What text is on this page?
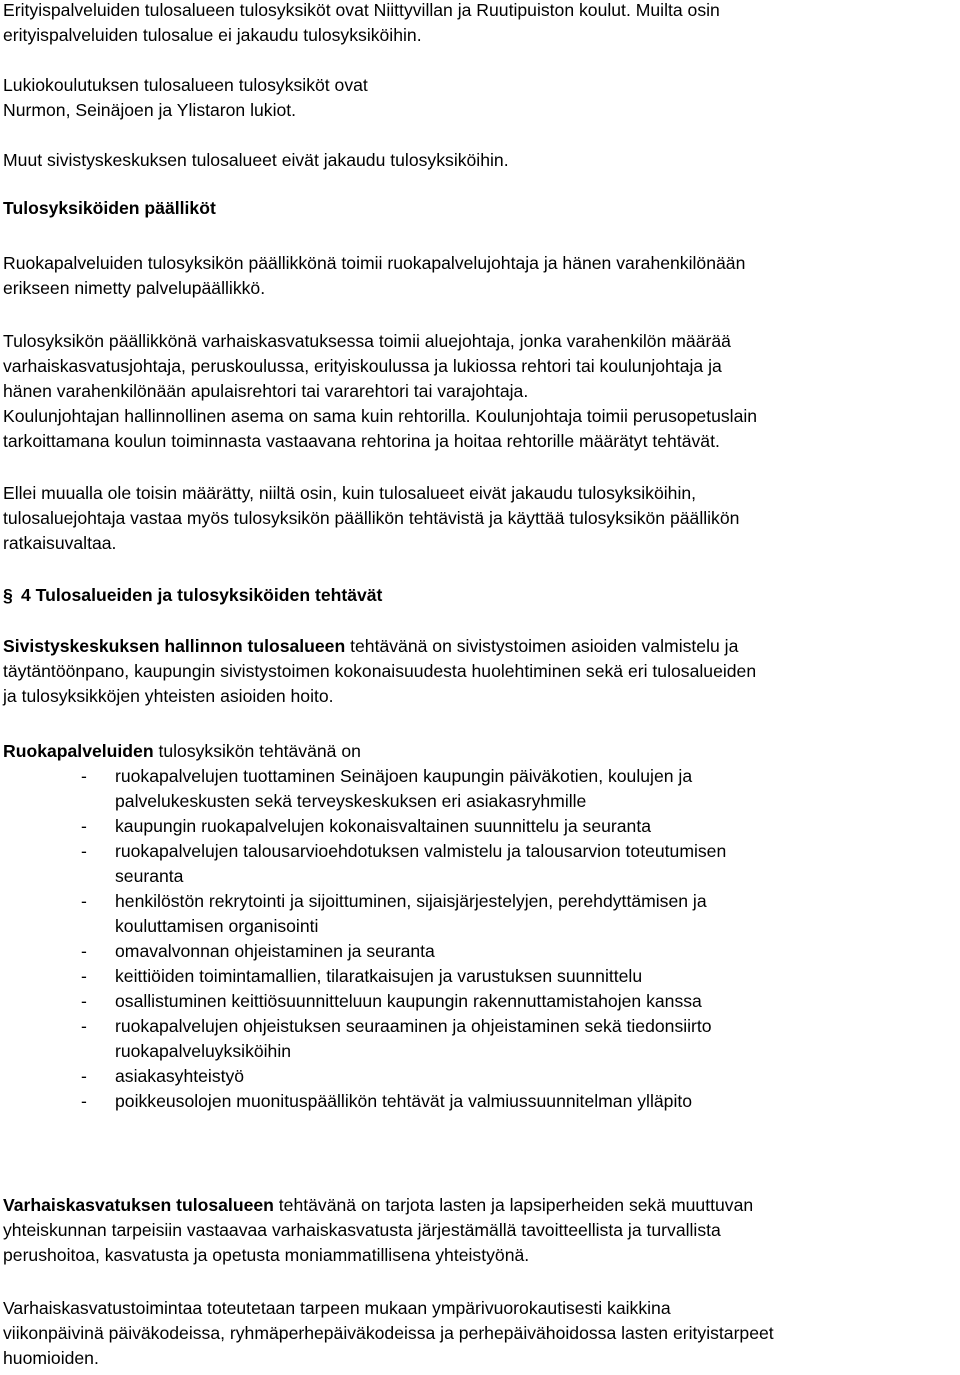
Erityispalveluiden tulosalueen tulosyksiköt ovat Niittyvillan ja Ruutipuiston koulut. Muilta osin
erityispalveluiden tulosalue ei jakaudu tulosyksiköihin.

Lukiokoulutuksen tulosalueen tulosyksiköt ovat
Nurmon, Seinäjoen ja Ylistaron lukiot.

Muut sivistyskeskuksen tulosalueet eivät jakaudu tulosyksiköihin.

Tulosyksiköiden päälliköt

Ruokapalveluiden tulosyksikön päällikkönä toimii ruokapalvelujohtaja ja hänen varahenkilönään
erikseen nimetty palvelupäällikkö.

Tulosyksikön päällikkönä varhaiskasvatuksessa toimii aluejohtaja, jonka varahenkilön määrää
varhaiskasvatusjohtaja, peruskoulussa, erityiskoulussa ja lukiossa rehtori tai koulunjohtaja ja
hänen varahenkilönään apulaisrehtori tai vararehtori tai varajohtaja.
Koulunjohtajan hallinnollinen asema on sama kuin rehtorilla. Koulunjohtaja toimii perusopetuslain
tarkoittamana koulun toiminnasta vastaavana rehtorina ja hoitaa rehtorille määrätyt tehtävät.

Ellei muualla ole toisin määrätty, niiltä osin, kuin tulosalueet eivät jakaudu tulosyksiköihin,
tulosaluejohtaja vastaa myös tulosyksikön päällikön tehtävistä ja käyttää tulosyksikön päällikön
ratkaisuvaltaa.

§ 4 Tulosalueiden ja tulosyksiköiden tehtävät

Sivistyskeskuksen hallinnon tulosalueen tehtävänä on sivistystoimen asioiden valmistelu ja
täytäntöönpano, kaupungin sivistystoimen kokonaisuudesta huolehtiminen sekä eri tulosalueiden
ja tulosyksikköjen yhteisten asioiden hoito.

Ruokapalveluiden tulosyksikön tehtävänä on

- ruokapalvelujen tuottaminen Seinäjoen kaupungin päiväkotien, koulujen ja
palvelukeskusten sekä terveyskeskuksen eri asiakasryhmille
- kaupungin ruokapalvelujen kokonaisvaltainen suunnittelu ja seuranta
- ruokapalvelujen talousarvioehdotuksen valmistelu ja talousarvion toteutumisen
seuranta
- henkilöstön rekrytointi ja sijoittuminen, sijaisjärjestelyjen, perehdyttämisen ja
kouluttamisen organisointi
- omavalvonnan ohjeistaminen ja seuranta
- keittiöiden toimintamallien, tilaratkaisujen ja varustuksen suunnittelu
- osallistuminen keittiösuunnitteluun kaupungin rakennuttamistahojen kanssa
- ruokapalvelujen ohjeistuksen seuraaminen ja ohjeistaminen sekä tiedonsiirto
ruokapalveluyksiköihin
- asiakasyhteistyö
- poikkeusolojen muonituspäällikön tehtävät ja valmiussuunnitelman ylläpito

Varhaiskasvatuksen tulosalueen tehtävänä on tarjota lasten ja lapsiperheiden sekä muuttuvan
yhteiskunnan tarpeisiin vastaavaa varhaiskasvatusta järjestämällä tavoitteellista ja turvallista
perushoitoa, kasvatusta ja opetusta moniammatillisena yhteistyönä.

Varhaiskasvatustoimintaa toteutetaan tarpeen mukaan ympärivuorokautisesti kaikkina
viikonpäivinä päiväkodeissa, ryhmäperhepäiväkodeissa ja perhepäivähoidossa lasten erityistarpeet
huomioiden.
